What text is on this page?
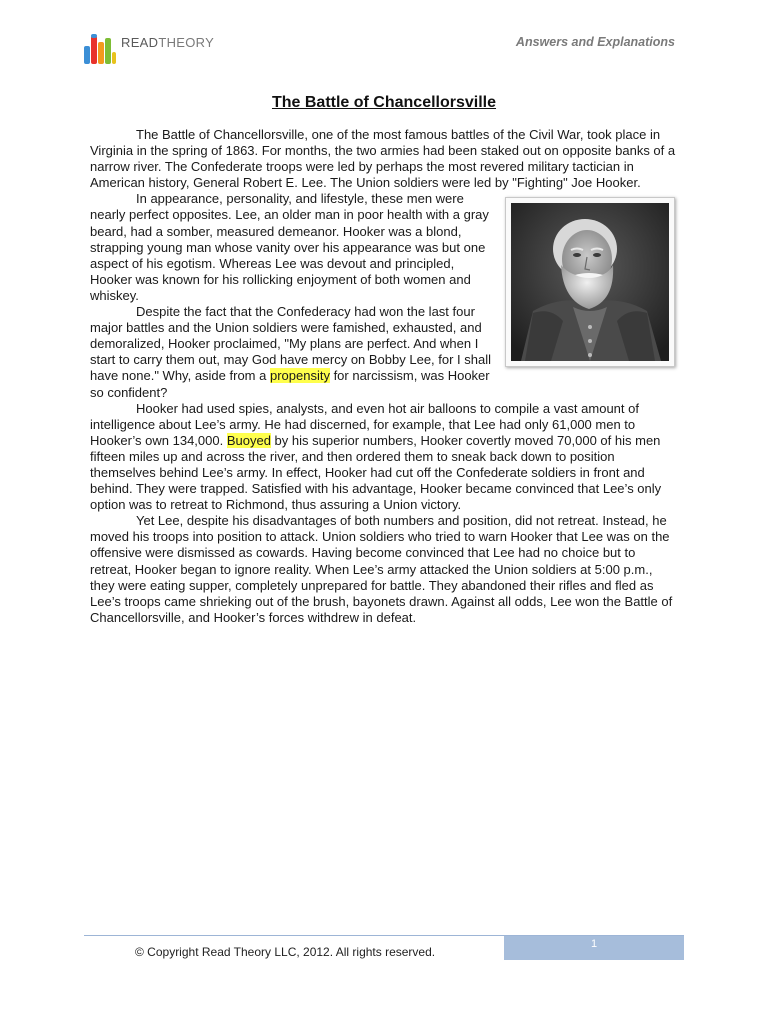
READTHEORY	Answers and Explanations
The Battle of Chancellorsville

The Battle of Chancellorsville, one of the most famous battles of the Civil War, took place in Virginia in the spring of 1863. For months, the two armies had been staked out on opposite banks of a narrow river. The Confederate troops were led by perhaps the most revered military tactician in American history, General Robert E. Lee. The Union soldiers were led by "Fighting" Joe Hooker.

In appearance, personality, and lifestyle, these men were nearly perfect opposites. Lee, an older man in poor health with a gray beard, had a somber, measured demeanor. Hooker was a blond, strapping young man whose vanity over his appearance was but one aspect of his egotism. Whereas Lee was devout and principled, Hooker was known for his rollicking enjoyment of both women and whiskey.

Despite the fact that the Confederacy had won the last four major battles and the Union soldiers were famished, exhausted, and demoralized, Hooker proclaimed, "My plans are perfect. And when I start to carry them out, may God have mercy on Bobby Lee, for I shall have none." Why, aside from a propensity for narcissism, was Hooker so confident?

Hooker had used spies, analysts, and even hot air balloons to compile a vast amount of intelligence about Lee’s army. He had discerned, for example, that Lee had only 61,000 men to Hooker’s own 134,000. Buoyed by his superior numbers, Hooker covertly moved 70,000 of his men fifteen miles up and across the river, and then ordered them to sneak back down to position themselves behind Lee’s army. In effect, Hooker had cut off the Confederate soldiers in front and behind. They were trapped. Satisfied with his advantage, Hooker became convinced that Lee’s only option was to retreat to Richmond, thus assuring a Union victory.

Yet Lee, despite his disadvantages of both numbers and position, did not retreat. Instead, he moved his troops into position to attack. Union soldiers who tried to warn Hooker that Lee was on the offensive were dismissed as cowards. Having become convinced that Lee had no choice but to retreat, Hooker began to ignore reality. When Lee’s army attacked the Union soldiers at 5:00 p.m., they were eating supper, completely unprepared for battle. They abandoned their rifles and fled as Lee’s troops came shrieking out of the brush, bayonets drawn. Against all odds, Lee won the Battle of Chancellorsville, and Hooker’s forces withdrew in defeat.

© Copyright Read Theory LLC, 2012. All rights reserved.
1
